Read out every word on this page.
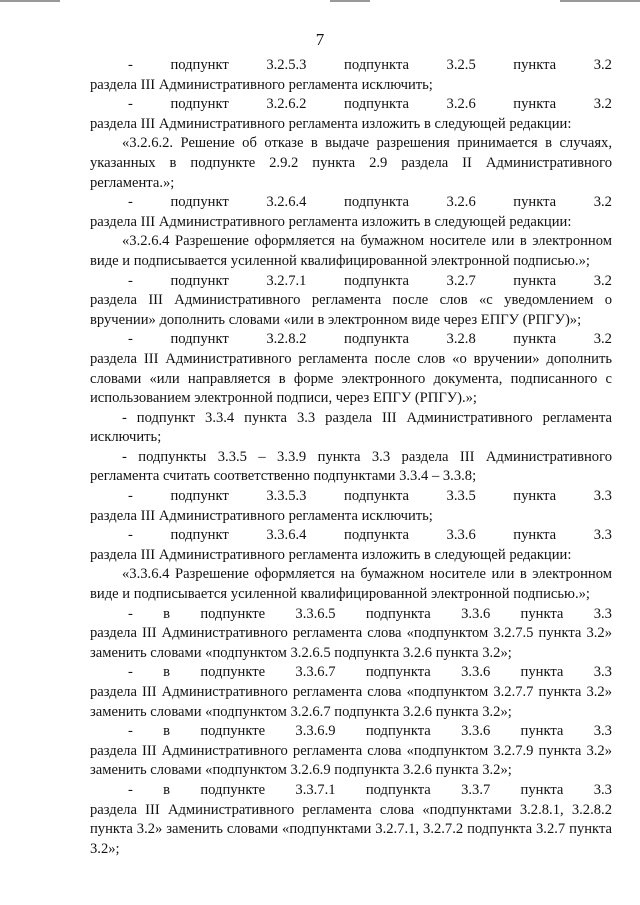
7
-	подпункт	3.2.5.3	подпункта	3.2.5	пункта	3.2

раздела III Административного регламента исключить;

-	подпункт	3.2.6.2	подпункта	3.2.6	пункта	3.2

раздела III Административного регламента изложить в следующей редакции:

«3.2.6.2. Решение об отказе в выдаче разрешения принимается в случаях, указанных в подпункте 2.9.2 пункта 2.9 раздела II Административного регламента.»;

-	подпункт	3.2.6.4	подпункта	3.2.6	пункта	3.2

раздела III Административного регламента изложить в следующей редакции:

«3.2.6.4 Разрешение оформляется на бумажном носителе или в электронном виде и подписывается усиленной квалифицированной электронной подписью.»;

-	подпункт	3.2.7.1	подпункта	3.2.7	пункта	3.2

раздела III Административного регламента после слов «с уведомлением о вручении» дополнить словами «или в электронном виде через ЕПГУ (РПГУ)»;

-	подпункт	3.2.8.2	подпункта	3.2.8	пункта	3.2

раздела III Административного регламента после слов «о вручении» дополнить словами «или направляется в форме электронного документа, подписанного с использованием электронной подписи, через ЕПГУ (РПГУ).»;

- подпункт 3.3.4 пункта 3.3 раздела III Административного регламента исключить;

- подпункты 3.3.5 – 3.3.9 пункта 3.3 раздела III Административного регламента считать соответственно подпунктами 3.3.4 – 3.3.8;

-	подпункт	3.3.5.3	подпункта	3.3.5	пункта	3.3

раздела III Административного регламента исключить;

-	подпункт	3.3.6.4	подпункта	3.3.6	пункта	3.3

раздела III Административного регламента изложить в следующей редакции:

«3.3.6.4 Разрешение оформляется на бумажном носителе или в электронном виде и подписывается усиленной квалифицированной электронной подписью.»;

- в подпункте 3.3.6.5 подпункта 3.3.6 пункта 3.3

раздела III Административного регламента слова «подпунктом 3.2.7.5 пункта 3.2» заменить словами «подпунктом 3.2.6.5 подпункта 3.2.6 пункта 3.2»;

- в подпункте 3.3.6.7 подпункта 3.3.6 пункта 3.3

раздела III Административного регламента слова «подпунктом 3.2.7.7 пункта 3.2» заменить словами «подпунктом 3.2.6.7 подпункта 3.2.6 пункта 3.2»;

- в подпункте 3.3.6.9 подпункта 3.3.6 пункта 3.3

раздела III Административного регламента слова «подпунктом 3.2.7.9 пункта 3.2» заменить словами «подпунктом 3.2.6.9 подпункта 3.2.6 пункта 3.2»;

- в подпункте 3.3.7.1 подпункта 3.3.7 пункта 3.3

раздела III Административного регламента слова «подпунктами 3.2.8.1, 3.2.8.2 пункта 3.2» заменить словами «подпунктами 3.2.7.1, 3.2.7.2 подпункта 3.2.7 пункта 3.2»;
